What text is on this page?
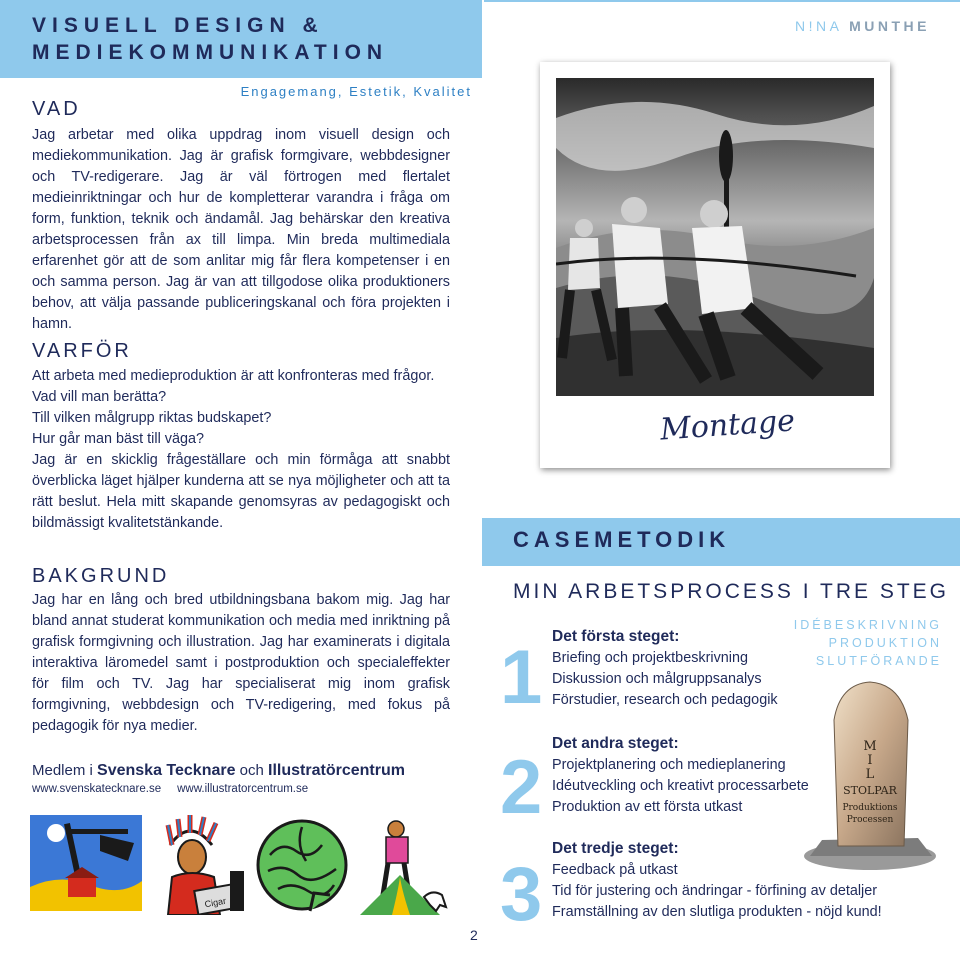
VISUELL DESIGN &
MEDIEKOMMUNIKATION
Engagemang, Estetik, Kvalitet
VAD
Jag arbetar med olika uppdrag inom visuell design och mediekommunikation. Jag är grafisk formgivare, webbdesigner och TV-redigerare. Jag är väl förtrogen med flertalet medieinriktningar och hur de kompletterar varandra i fråga om form, funktion, teknik och ändamål. Jag behärskar den kreativa arbetsprocessen från ax till limpa. Min breda multimediala erfarenhet gör att de som anlitar mig får flera kompetenser i en och samma person. Jag är van att tillgodose olika produktioners behov, att välja passande publiceringskanal och föra projekten i hamn.
VARFÖR

Att arbeta med medieproduktion är att konfronteras med frågor.

Vad vill man berätta?

Till vilken målgrupp riktas budskapet?

Hur går man bäst till väga?

Jag är en skicklig frågeställare och min förmåga att snabbt överblicka läget hjälper kunderna att se nya möjligheter och att ta rätt beslut. Hela mitt skapande genomsyras av pedagogiskt och bildmässigt kvalitetstänkande.

BAKGRUND
Jag har en lång och bred utbildningsbana bakom mig. Jag har bland annat studerat kommunikation och media med inriktning på grafisk formgivning och illustration. Jag har examinerats i digitala interaktiva läromedel samt i postproduktion och specialeffekter för film och TV. Jag har specialiserat mig inom grafisk formgivning, webbdesign och TV-redigering, med fokus på pedagogik för nya medier.
Medlem i Svenska Tecknare och Illustratörcentrum
www.svenskatecknare.se www.illustratorcentrum.se
Cigar
2
N!NA MUNTHE
Montage
CASEMETODIK
MIN ARBETSPROCESS I TRE STEG
IDÉBESKRIVNING
PRODUKTION
SLUTFÖRANDE
1 Det första steget:
Briefing och projektbeskrivning
Diskussion och målgruppsanalys
Förstudier, research och pedagogik
2
Det andra steget:
Projektplanering och medieplanering
Idéutveckling och kreativt processarbete
Produktion av ett första utkast
3
Det tredje steget:
Feedback på utkast
Tid för justering och ändringar - förfining av detaljer
Framställning av den slutliga produkten - nöjd kund!
M
I
L
STOLPAR
Produktions
Processen
